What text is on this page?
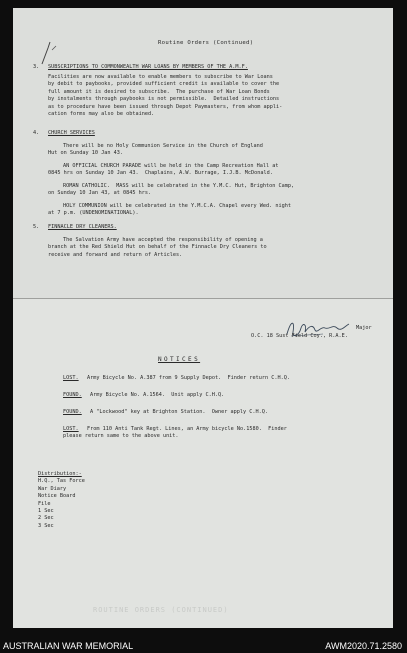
Routine Orders (Continued)
3. SUBSCRIPTIONS TO COMMONWEALTH WAR LOANS BY MEMBERS OF THE A.M.F.
Facilities are now available to enable members to subscribe to War Loans
by debit to paybooks, provided sufficient credit is available to cover the
full amount it is desired to subscribe.  The purchase of War Loan Bonds
by instalments through paybooks is not permissible.  Detailed instructions
as to procedure have been issued through Depot Paymasters, from whom appli-
cation forms may also be obtained.
4. CHURCH SERVICES
There will be no Holy Communion Service in the Church of England
Hut on Sunday 10 Jan 43.
AN OFFICIAL CHURCH PARADE will be held in the Camp Recreation Hall at
0845 hrs on Sunday 10 Jan 43.  Chaplains, A.W. Burrage, I.J.B. McDonald.
ROMAN CATHOLIC.  MASS will be celebrated in the Y.M.C. Hut, Brighton Camp,
on Sunday 10 Jan 43, at 0845 hrs.
HOLY COMMUNION will be celebrated in the Y.M.C.A. Chapel every Wed. night
at 7 p.m. (UNDENOMINATIONAL).
5. FINNACLE DRY CLEANERS.
The Salvation Army have accepted the responsibility of opening a
branch at the Red Shield Hut on behalf of the Finnacle Dry Cleaners to
receive and forward and return of Articles.
Major
O.C. 18 Sust Field Coy., R.A.E.
NOTICES
LOST. Army Bicycle No. A.387 from 9 Supply Depot.  Finder return C.H.Q.
FOUND. Army Bicycle No. A.1564.  Unit apply C.H.Q.
FOUND. A "Lockwood" key at Brighton Station.  Owner apply C.H.Q.
LOST. From 110 Anti Tank Regt. Lines, an Army bicycle No.1580.  Finder
please return same to the above unit.
Distribution:-
H.Q., Tas Force
War Diary
Notice Board
File
1 Sec
2 Sec
3 Sec
ROUTINE ORDERS (CONTINUED)
AUSTRALIAN WAR MEMORIAL	AWM2020.71.2580
